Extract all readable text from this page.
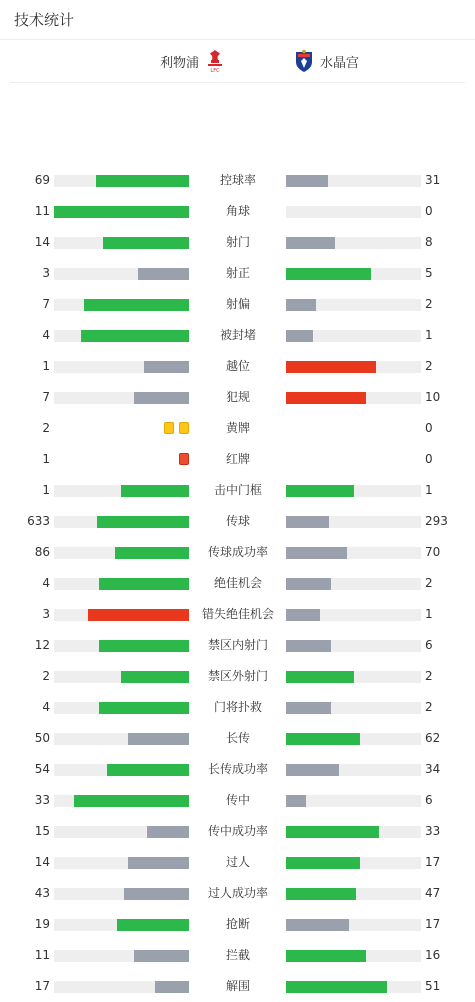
技术统计
利物浦
LFC
水晶宫
69	控球率	31
11	角球	0
14	射门	8
3	射正	5
7	射偏	2
4	被封堵	1
1	越位	2
7	犯规	10
2	黄牌	0
1	红牌	0
1	击中门框	1
633	传球	293
86	传球成功率	70
4	绝佳机会	2
3	错失绝佳机会	1
12	禁区内射门	6
2	禁区外射门	2
4	门将扑救	2
50	长传	62
54	长传成功率	34
33	传中	6
15	传中成功率	33
14	过人	17
43	过人成功率	47
19	抢断	17
11	拦截	16
17	解围	51
